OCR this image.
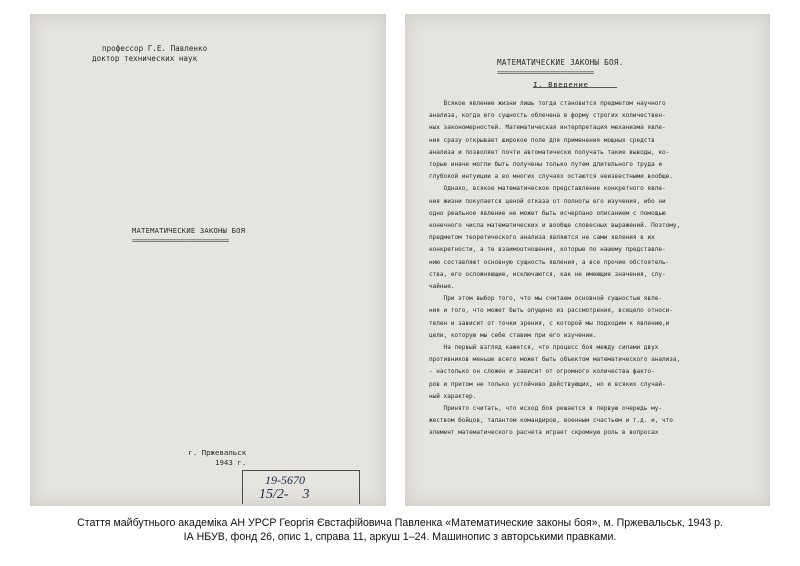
профессор Г.Е. Павленко
доктор технических наук
МАТЕМАТИЧЕСКИЕ ЗАКОНЫ БОЯ
==========================
г. Пржевальск
1943 г.
19-5670
15/2-    3
МАТЕМАТИЧЕСКИЕ ЗАКОНЫ БОЯ.
==========================
I. Введение
Всякое явление жизни лишь тогда становится предметом научного
анализа, когда его сущность облечена в форму строгих количествен-
ных закономерностей. Математическая интерпретация механизма явле-
ния сразу открывает широкое поле для применения мощных средств
анализа и позволяет почти автоматически получать такие выводы, ко-
торые иначе могли быть получены только путем длительного труда и
глубокой интуиции а во многих случаях остаются неизвестными вообще.
Однако, всякое математическое представление конкретного явле-
ния жизни покупается ценой отказа от полноты его изучения, ибо ни
одно реальное явление не может быть исчерпано описанием с помощью
конечного числа математических и вообще словесных выражений. Поэтому,
предметом теоретического анализа являются не сами явления в их
конкретности, а те взаимоотношения, которые по нашему представле-
нию составляют основную сущность явления, а все прочие обстоятель-
ства, его осложняющие, исключаются, как не имеющие значения, слу-
чайные.
При этом выбор того, что мы считаем основной сущностью явле-
ния и того, что может быть опущено из рассмотрения, всецело относи-
телен и зависит от точки зрения, с которой мы подходим к явлению,и
цели, которую мы себе ставим при его изучении.
На первый взгляд кажется, что процесс боя между силами двух
противников меньше всего может быть объектом математического анализа,
- настолько он сложен и зависит от огромного количества факто-
ров и притом не только устойчиво действующих, но и всяких случай-
ный характер.
Принято считать, что исход боя решается в первую очередь му-
жеством бойцов, талантом командиров, военным счастьем и т.д. и, что
элемент математического расчета играет скромную роль в вопросах
Стаття майбутнього академіка АН УРСР Георгія Євстафійовича Павленка «Математические законы боя», м. Пржевальськ, 1943 р.
ІА НБУВ, фонд 26, опис 1, справа 11, аркуш 1–24. Машинопис з авторськими правками.
